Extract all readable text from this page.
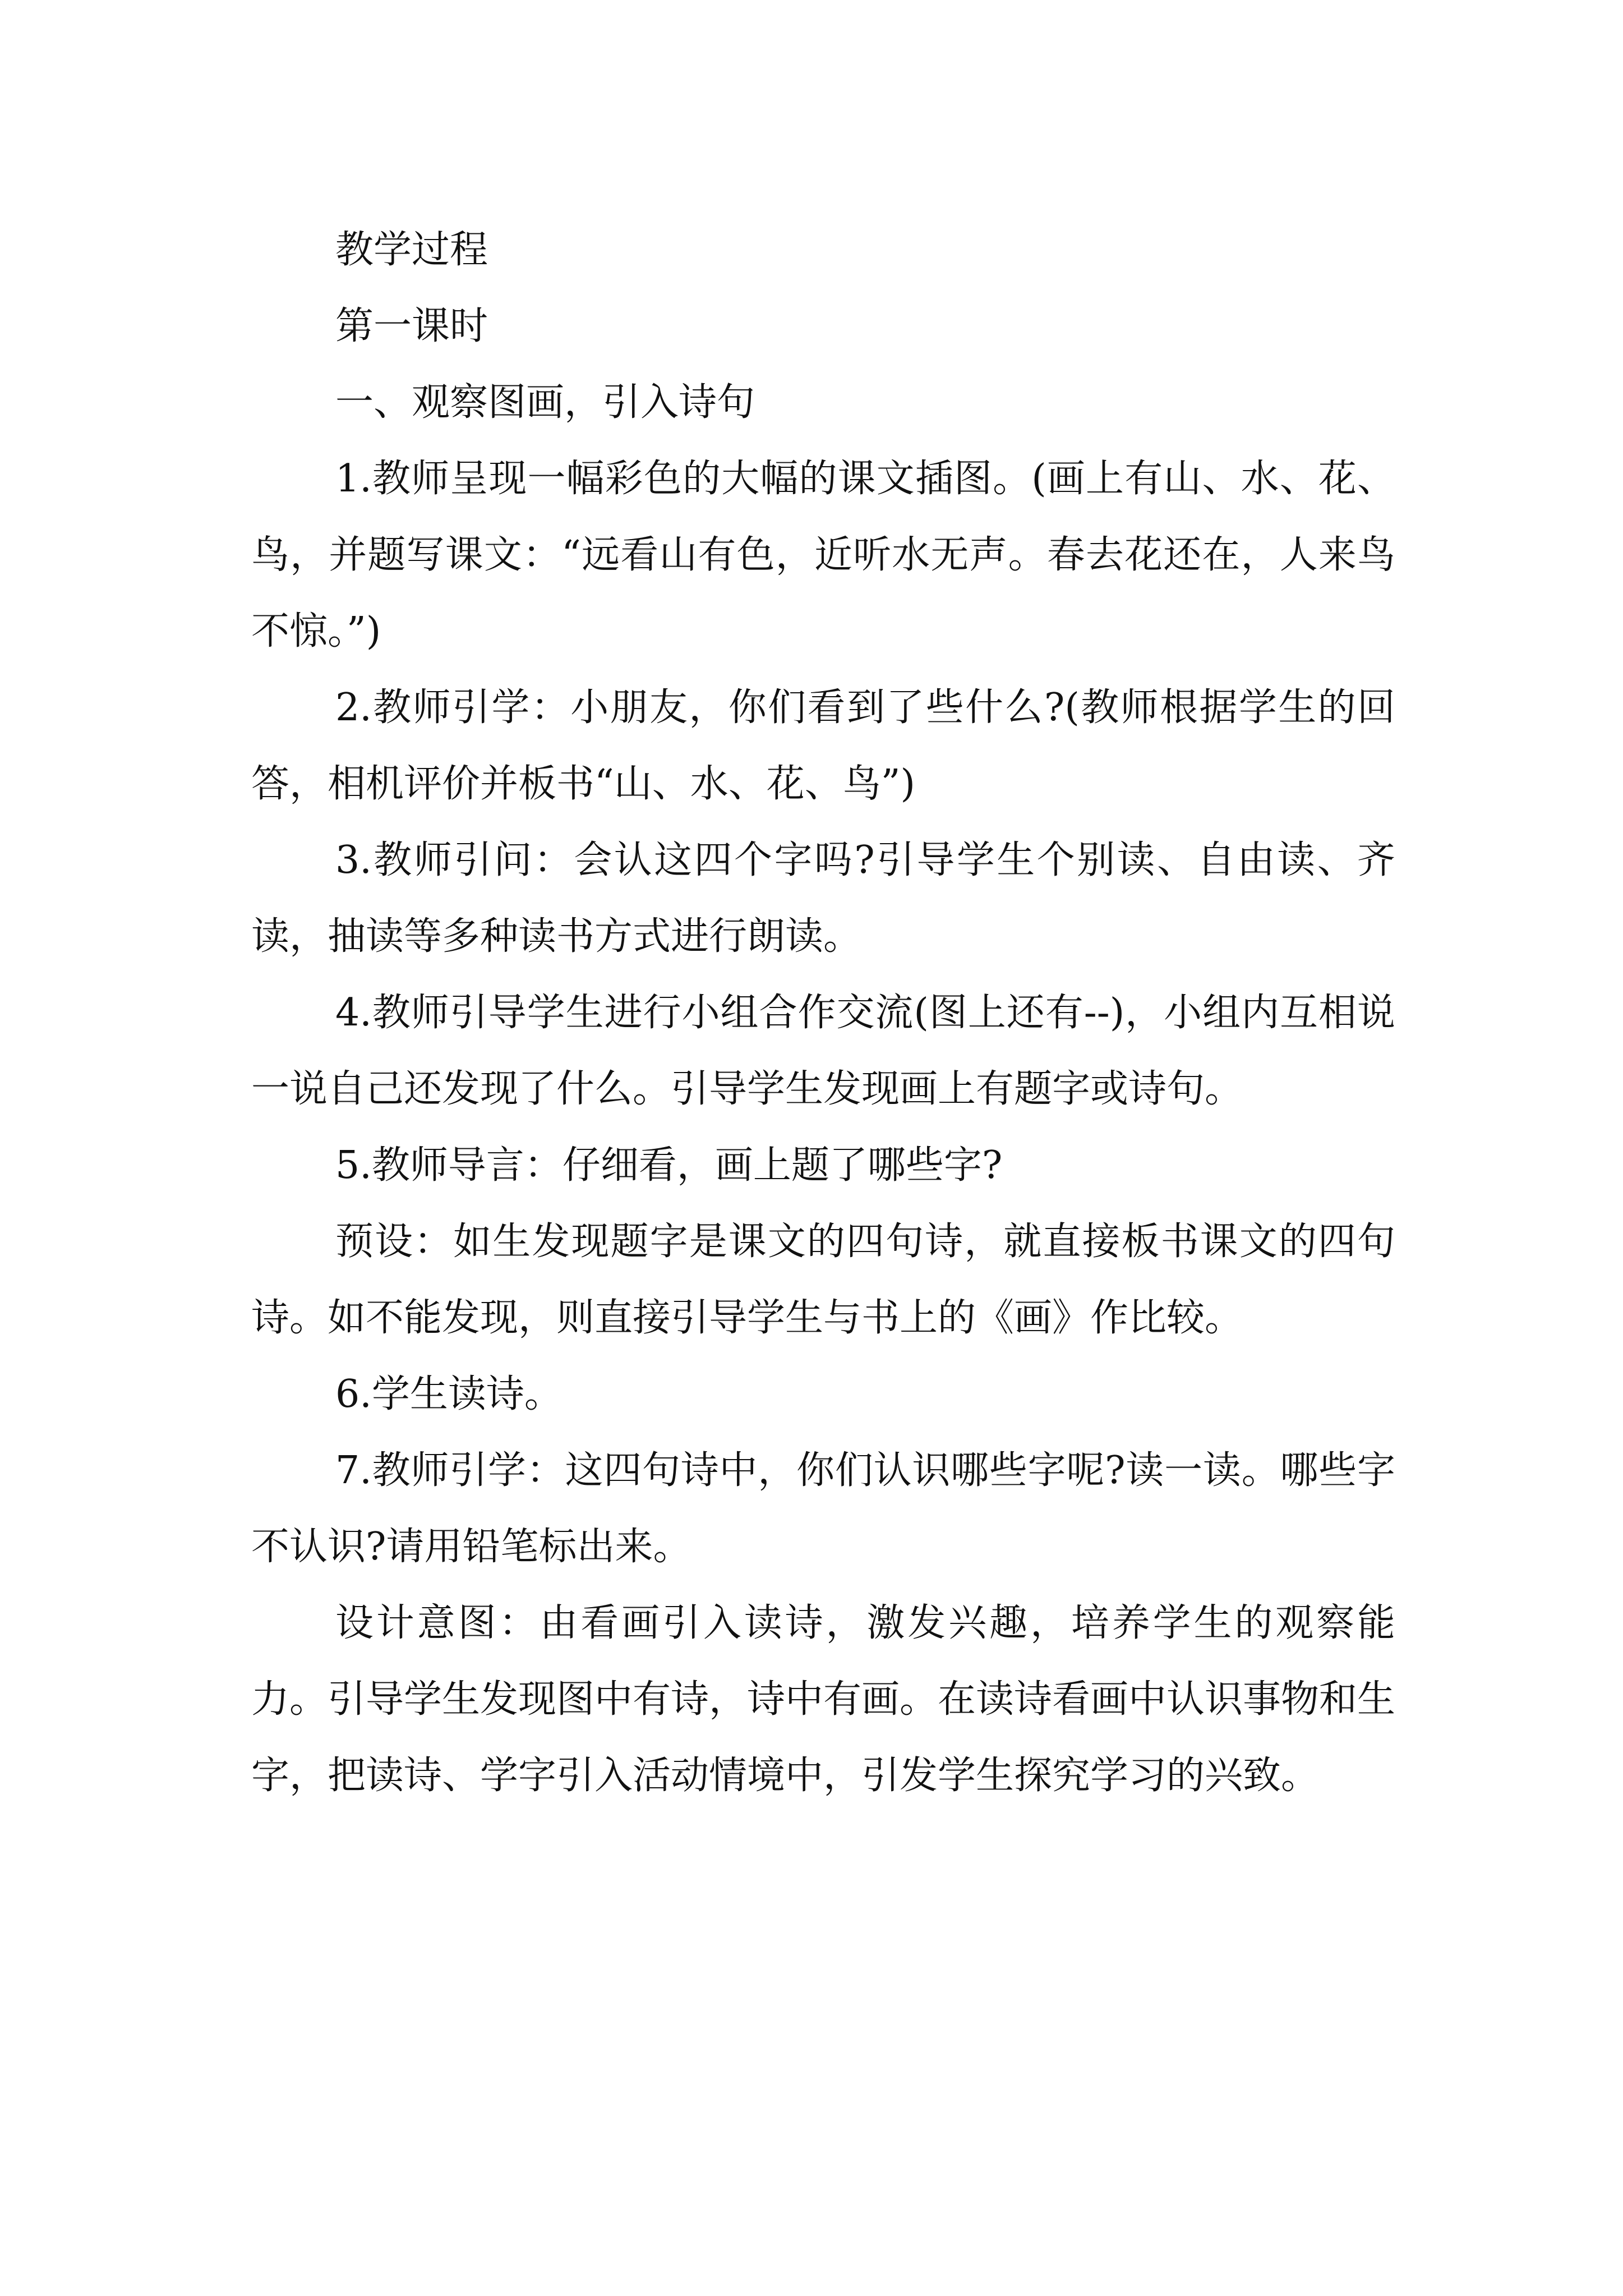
教学过程

第一课时

一、观察图画，引入诗句

1.教师呈现一幅彩色的大幅的课文插图。(画上有山、水、花、鸟，并题写课文：“远看山有色，近听水无声。春去花还在，人来鸟不惊。”)

2.教师引学：小朋友，你们看到了些什么?(教师根据学生的回答，相机评价并板书“山、水、花、鸟”)

3.教师引问：会认这四个字吗?引导学生个别读、自由读、齐读，抽读等多种读书方式进行朗读。

4.教师引导学生进行小组合作交流(图上还有--)，小组内互相说一说自己还发现了什么。引导学生发现画上有题字或诗句。

5.教师导言：仔细看，画上题了哪些字?

预设：如生发现题字是课文的四句诗，就直接板书课文的四句诗。如不能发现，则直接引导学生与书上的《画》作比较。

6.学生读诗。

7.教师引学：这四句诗中，你们认识哪些字呢?读一读。哪些字不认识?请用铅笔标出来。

设计意图：由看画引入读诗，激发兴趣，培养学生的观察能力。引导学生发现图中有诗，诗中有画。在读诗看画中认识事物和生字，把读诗、学字引入活动情境中，引发学生探究学习的兴致。
